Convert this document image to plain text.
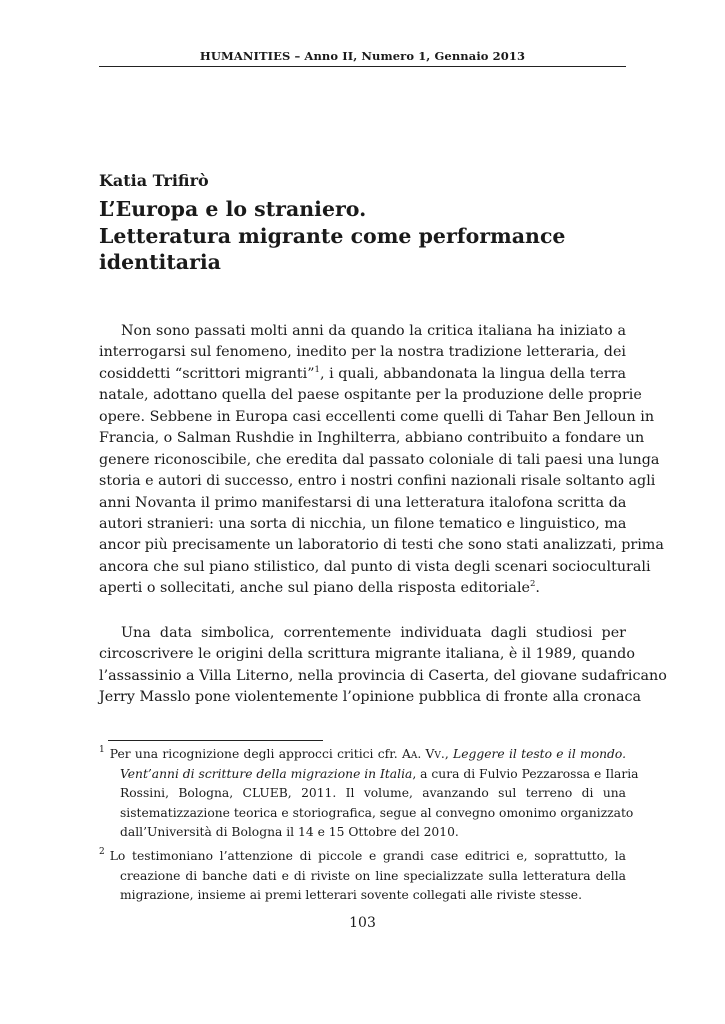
HUMANITIES – Anno II, Numero 1, Gennaio 2013
Katia Trifirò
L’Europa e lo straniero.
Letteratura migrante come performance
identitaria
Non sono passati molti anni da quando la critica italiana ha iniziato a
interrogarsi sul fenomeno, inedito per la nostra tradizione letteraria, dei
cosiddetti “scrittori migranti”$^1$, i quali, abbandonata la lingua della terra
natale, adottano quella del paese ospitante per la produzione delle proprie
opere. Sebbene in Europa casi eccellenti come quelli di Tahar Ben Jelloun in
Francia, o Salman Rushdie in Inghilterra, abbiano contribuito a fondare un
genere riconoscibile, che eredita dal passato coloniale di tali paesi una lunga
storia e autori di successo, entro i nostri confini nazionali risale soltanto agli
anni Novanta il primo manifestarsi di una letteratura italofona scritta da
autori stranieri: una sorta di nicchia, un filone tematico e linguistico, ma
ancor più precisamente un laboratorio di testi che sono stati analizzati, prima
ancora che sul piano stilistico, dal punto di vista degli scenari socioculturali
aperti o sollecitati, anche sul piano della risposta editoriale$^2$.
Una data simbolica, correntemente individuata dagli studiosi per
circoscrivere le origini della scrittura migrante italiana, è il 1989, quando
l’assassinio a Villa Literno, nella provincia di Caserta, del giovane sudafricano
Jerry Masslo pone violentemente l’opinione pubblica di fronte alla cronaca
$^1$ Per una ricognizione degli approcci critici cfr. Aa. Vv., Leggere il testo e il mondo.
Vent’anni di scritture della migrazione in Italia, a cura di Fulvio Pezzarossa e Ilaria
Rossini, Bologna, CLUEB, 2011. Il volume, avanzando sul terreno di una
sistematizzazione teorica e storiografica, segue al convegno omonimo organizzato
dall’Università di Bologna il 14 e 15 Ottobre del 2010.
$^2$ Lo testimoniano l’attenzione di piccole e grandi case editrici e, soprattutto, la
creazione di banche dati e di riviste on line specializzate sulla letteratura della
migrazione, insieme ai premi letterari sovente collegati alle riviste stesse.
103
